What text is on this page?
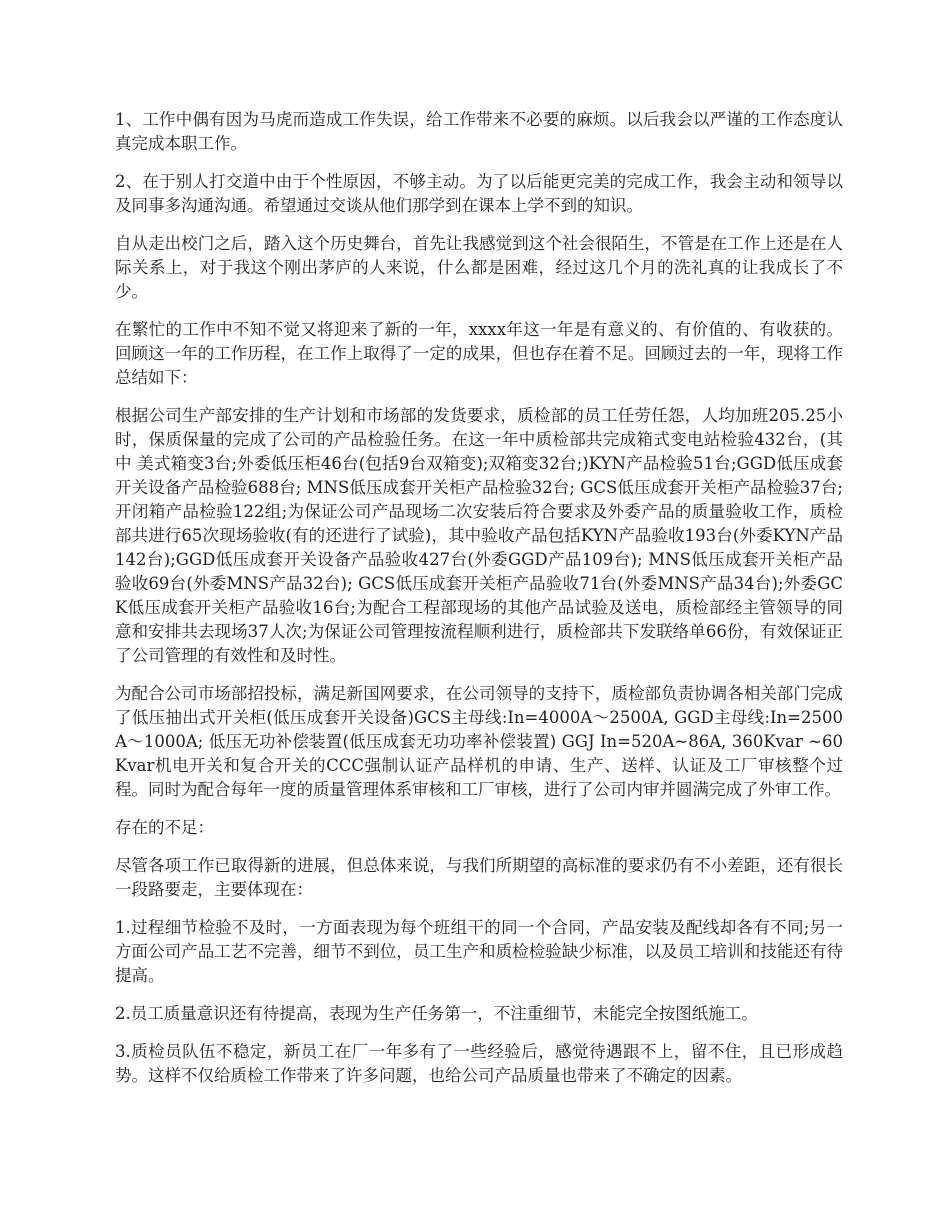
1、工作中偶有因为马虎而造成工作失误，给工作带来不必要的麻烦。以后我会以严谨的工作态度认真完成本职工作。

2、在于别人打交道中由于个性原因，不够主动。为了以后能更完美的完成工作，我会主动和领导以及同事多沟通沟通。希望通过交谈从他们那学到在课本上学不到的知识。

自从走出校门之后，踏入这个历史舞台，首先让我感觉到这个社会很陌生，不管是在工作上还是在人际关系上，对于我这个刚出茅庐的人来说，什么都是困难，经过这几个月的洗礼真的让我成长了不少。

在繁忙的工作中不知不觉又将迎来了新的一年，xxxx年这一年是有意义的、有价值的、有收获的。回顾这一年的工作历程，在工作上取得了一定的成果，但也存在着不足。回顾过去的一年，现将工作总结如下：

根据公司生产部安排的生产计划和市场部的发货要求，质检部的员工任劳任怨，人均加班205.25小时，保质保量的完成了公司的产品检验任务。在这一年中质检部共完成箱式变电站检验432台，(其中 美式箱变3台;外委低压柜46台(包括9台双箱变);双箱变32台;)KYN产品检验51台;GGD低压成套开关设备产品检验688台; MNS低压成套开关柜产品检验32台; GCS低压成套开关柜产品检验37台;开闭箱产品检验122组;为保证公司产品现场二次安装后符合要求及外委产品的质量验收工作，质检部共进行65次现场验收(有的还进行了试验)，其中验收产品包括KYN产品验收193台(外委KYN产品142台);GGD低压成套开关设备产品验收427台(外委GGD产品109台); MNS低压成套开关柜产品验收69台(外委MNS产品32台); GCS低压成套开关柜产品验收71台(外委MNS产品34台);外委GCK低压成套开关柜产品验收16台;为配合工程部现场的其他产品试验及送电，质检部经主管领导的同意和安排共去现场37人次;为保证公司管理按流程顺利进行，质检部共下发联络单66份，有效保证正了公司管理的有效性和及时性。

为配合公司市场部招投标，满足新国网要求，在公司领导的支持下，质检部负责协调各相关部门完成了低压抽出式开关柜(低压成套开关设备)GCS主母线:In=4000A～2500A, GGD主母线:In=2500A～1000A; 低压无功补偿装置(低压成套无功功率补偿装置) GGJ In=520A~86A, 360Kvar ~60Kvar机电开关和复合开关的CCC强制认证产品样机的申请、生产、送样、认证及工厂审核整个过程。同时为配合每年一度的质量管理体系审核和工厂审核，进行了公司内审并圆满完成了外审工作。

存在的不足：

尽管各项工作已取得新的进展，但总体来说，与我们所期望的高标准的要求仍有不小差距，还有很长一段路要走，主要体现在：

1.过程细节检验不及时，一方面表现为每个班组干的同一个合同，产品安装及配线却各有不同;另一方面公司产品工艺不完善，细节不到位，员工生产和质检检验缺少标准，以及员工培训和技能还有待提高。

2.员工质量意识还有待提高，表现为生产任务第一，不注重细节，未能完全按图纸施工。

3.质检员队伍不稳定，新员工在厂一年多有了一些经验后，感觉待遇跟不上，留不住，且已形成趋势。这样不仅给质检工作带来了许多问题，也给公司产品质量也带来了不确定的因素。
